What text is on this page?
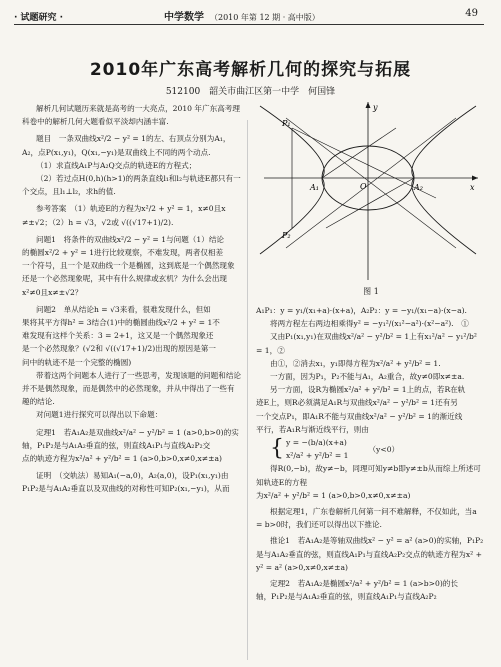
· 试题研究 ·	中学数学 （2010 年第 12 期 · 高中版）	49
2010年广东高考解析几何的探究与拓展
512100　韶关市曲江区第一中学　何国锋

解析几何试题历来就是高考的一大亮点，2010 年广东高考理科卷中的解析几何大题看似平淡却内涵丰富.

题目　一条双曲线x²/2 − y² = 1的左、右顶点分别为A₁，A₂，点P(x₁,y₁)，Q(x₁,−y₁)是双曲线上不同的两个动点.

（1）求直线A₁P与A₂Q交点的轨迹E的方程式；

（2）若过点H(0,h)(h>1)的两条直线l₁和l₂与轨迹E都只有一个交点，且l₁⊥l₂，求h的值.

参考答案　（1）轨迹E的方程为x²/2 + y² = 1，x≠0且x

≠±√2；（2）h = √3，√2或 √((√17+1)/2).

问题1　将条件的双曲线x²/2 − y² = 1与问题（1）结论

的椭圆x²/2 + y² = 1进行比较观察，不难发现，两者仅相差

一个符号，且一个是双曲线一个是椭圆，这到底是一个偶然现象还是一个必然现象呢，其中有什么规律或玄机？为什么会出现x²≠0且x≠±√2？

问题2　单从结论h = √3来看，很难发现什么，但如

果将其平方得h² = 3结合(1)中的椭圆曲线x²/2 + y² = 1不

难发现有这样个关系：3 = 2+1，这又是一个偶然现象还

是一个必然现象？(√2和 √((√17+1)/2)出现的原因是第一

问中的轨迹不是一个完整的椭圆)

带着这两个问题本人进行了一些思考，发现该题的问题和结论并不是偶然现象，而是偶然中的必然现象，并从中得出了一些有趣的结论.

对问题1进行探究可以得出以下命题：

定理1　若A₁A₂是双曲线x²/a² − y²/b² = 1 (a>0,b>0)的实

轴，P₁P₂是与A₁A₂垂直的弦，则直线A₁P₁与直线A₂P₂交

点的轨迹方程为x²/a² + y²/b² = 1 (a>0,b>0,x≠0,x≠±a)

证明　（交轨法）易知A₁(−a,0)，A₂(a,0)，设P₁(x₁,y₁)由P₁P₂是与A₁A₂垂直以及双曲线的对称性可知P₂(x₁,−y₁)，从而

y
x
P₁
P₂
A₁	A₂
O
图 1

A₁P₁：y = y₁/(x₁+a)·(x+a)，A₂P₂：y = −y₁/(x₁−a)·(x−a).

将两方程左右两边相乘得y² = −y₁²/(x₁²−a²)·(x²−a²).　①

又由P₁(x₁,y₁)在双曲线x²/a² − y²/b² = 1上有x₁²/a² − y₁²/b² = 1，②

由①，②消去x₁，y₁即得方程为x²/a² + y²/b² = 1.

一方面，因为P₁，P₂不能与A₁，A₂重合，故y≠0即x≠±a.

另一方面，设R为椭圆x²/a² + y²/b² = 1上的点，若R在轨

迹E上，则R必须满足A₁R与双曲线x²/a² − y²/b² = 1还有另

一个交点P₁，即A₁R不能与双曲线x²/a² − y²/b² = 1的渐近线

平行，若A₁R与渐近线平行，则由

{ y = −(b/a)(x+a)

x²/a² + y²/b² = 1

（y<0）

得R(0,−b)，故y≠−b，同理可知y≠b即y≠±b从而综上所述可知轨迹E的方程

为x²/a² + y²/b² = 1 (a>0,b>0,x≠0,x≠±a)

根据定理1，广东卷解析几何第一问不难解释，不仅如此，当a = b>0时，我们还可以得出以下推论.

推论1　若A₁A₂是等轴双曲线x² − y² = a² (a>0)的实轴，P₁P₂是与A₁A₂垂直的弦，则直线A₁P₁与直线A₂P₂交点的轨迹方程为x² + y² = a² (a>0,x≠0,x≠±a)

定理2　若A₁A₂是椭圆x²/a² + y²/b² = 1 (a>b>0)的长

轴，P₁P₂是与A₁A₂垂直的弦，则直线A₁P₁与直线A₂P₂
